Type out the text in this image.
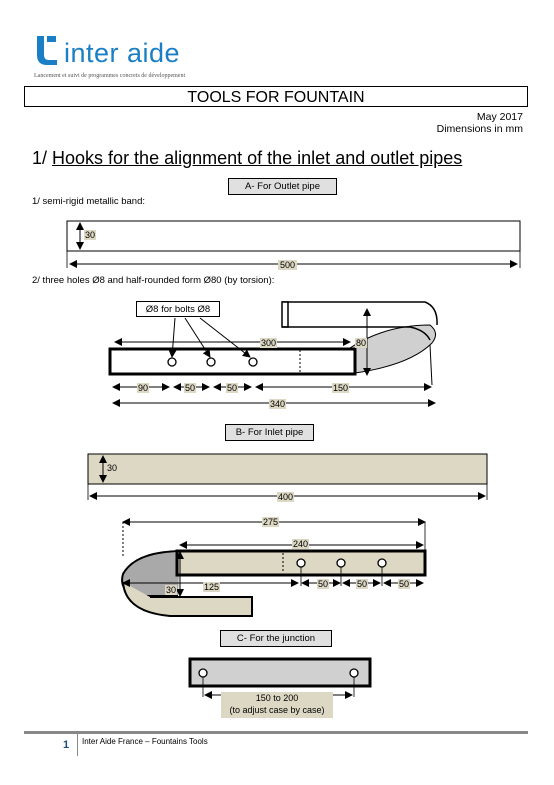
inter aide
Lancement et suivi de programmes concrets de développement
TOOLS FOR FOUNTAIN
May 2017
Dimensions in mm
1/ Hooks for the alignment of the inlet and outlet pipes
A- For Outlet pipe
1/ semi-rigid metallic band:
30
500
2/ three holes Ø8 and half-rounded form Ø80 (by torsion):
Ø8 for bolts Ø8
300	80
90	50	50	150
340
B- For Inlet pipe
30
400
275
240
50	50	50
30	125
C- For the junction
150 to 200
(to adjust case by case)
1 Inter Aide France – Fountains Tools
